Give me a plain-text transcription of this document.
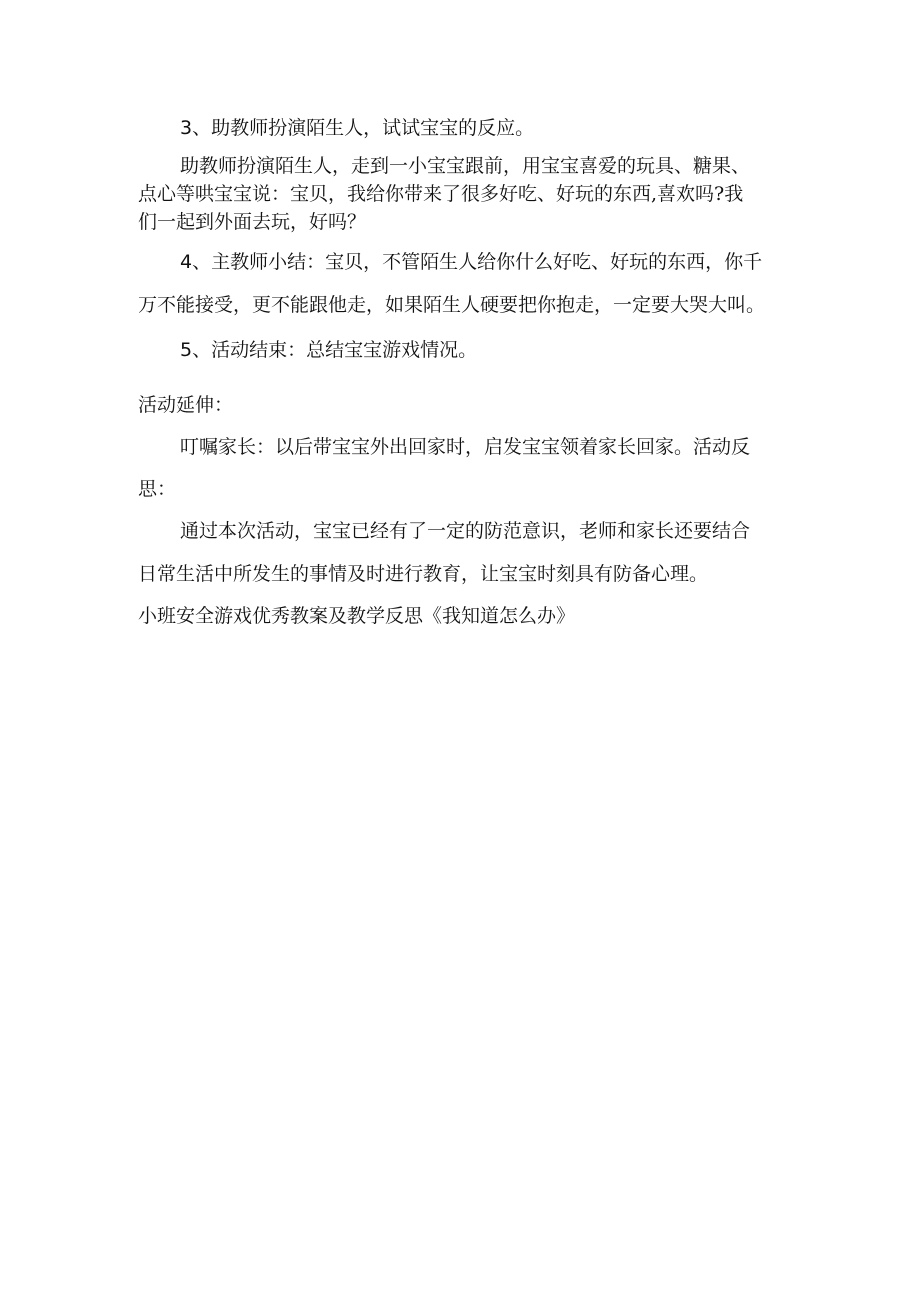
3、助教师扮演陌生人，试试宝宝的反应。
助教师扮演陌生人，走到一小宝宝跟前，用宝宝喜爱的玩具、糖果、
点心等哄宝宝说：宝贝，我给你带来了很多好吃、好玩的东西,喜欢吗?我
们一起到外面去玩，好吗？
4、主教师小结：宝贝，不管陌生人给你什么好吃、好玩的东西，你千
万不能接受，更不能跟他走，如果陌生人硬要把你抱走，一定要大哭大叫。
5、活动结束：总结宝宝游戏情况。
活动延伸：
叮嘱家长：以后带宝宝外出回家时，启发宝宝领着家长回家。活动反
思：
通过本次活动，宝宝已经有了一定的防范意识，老师和家长还要结合
日常生活中所发生的事情及时进行教育，让宝宝时刻具有防备心理。
小班安全游戏优秀教案及教学反思《我知道怎么办》
